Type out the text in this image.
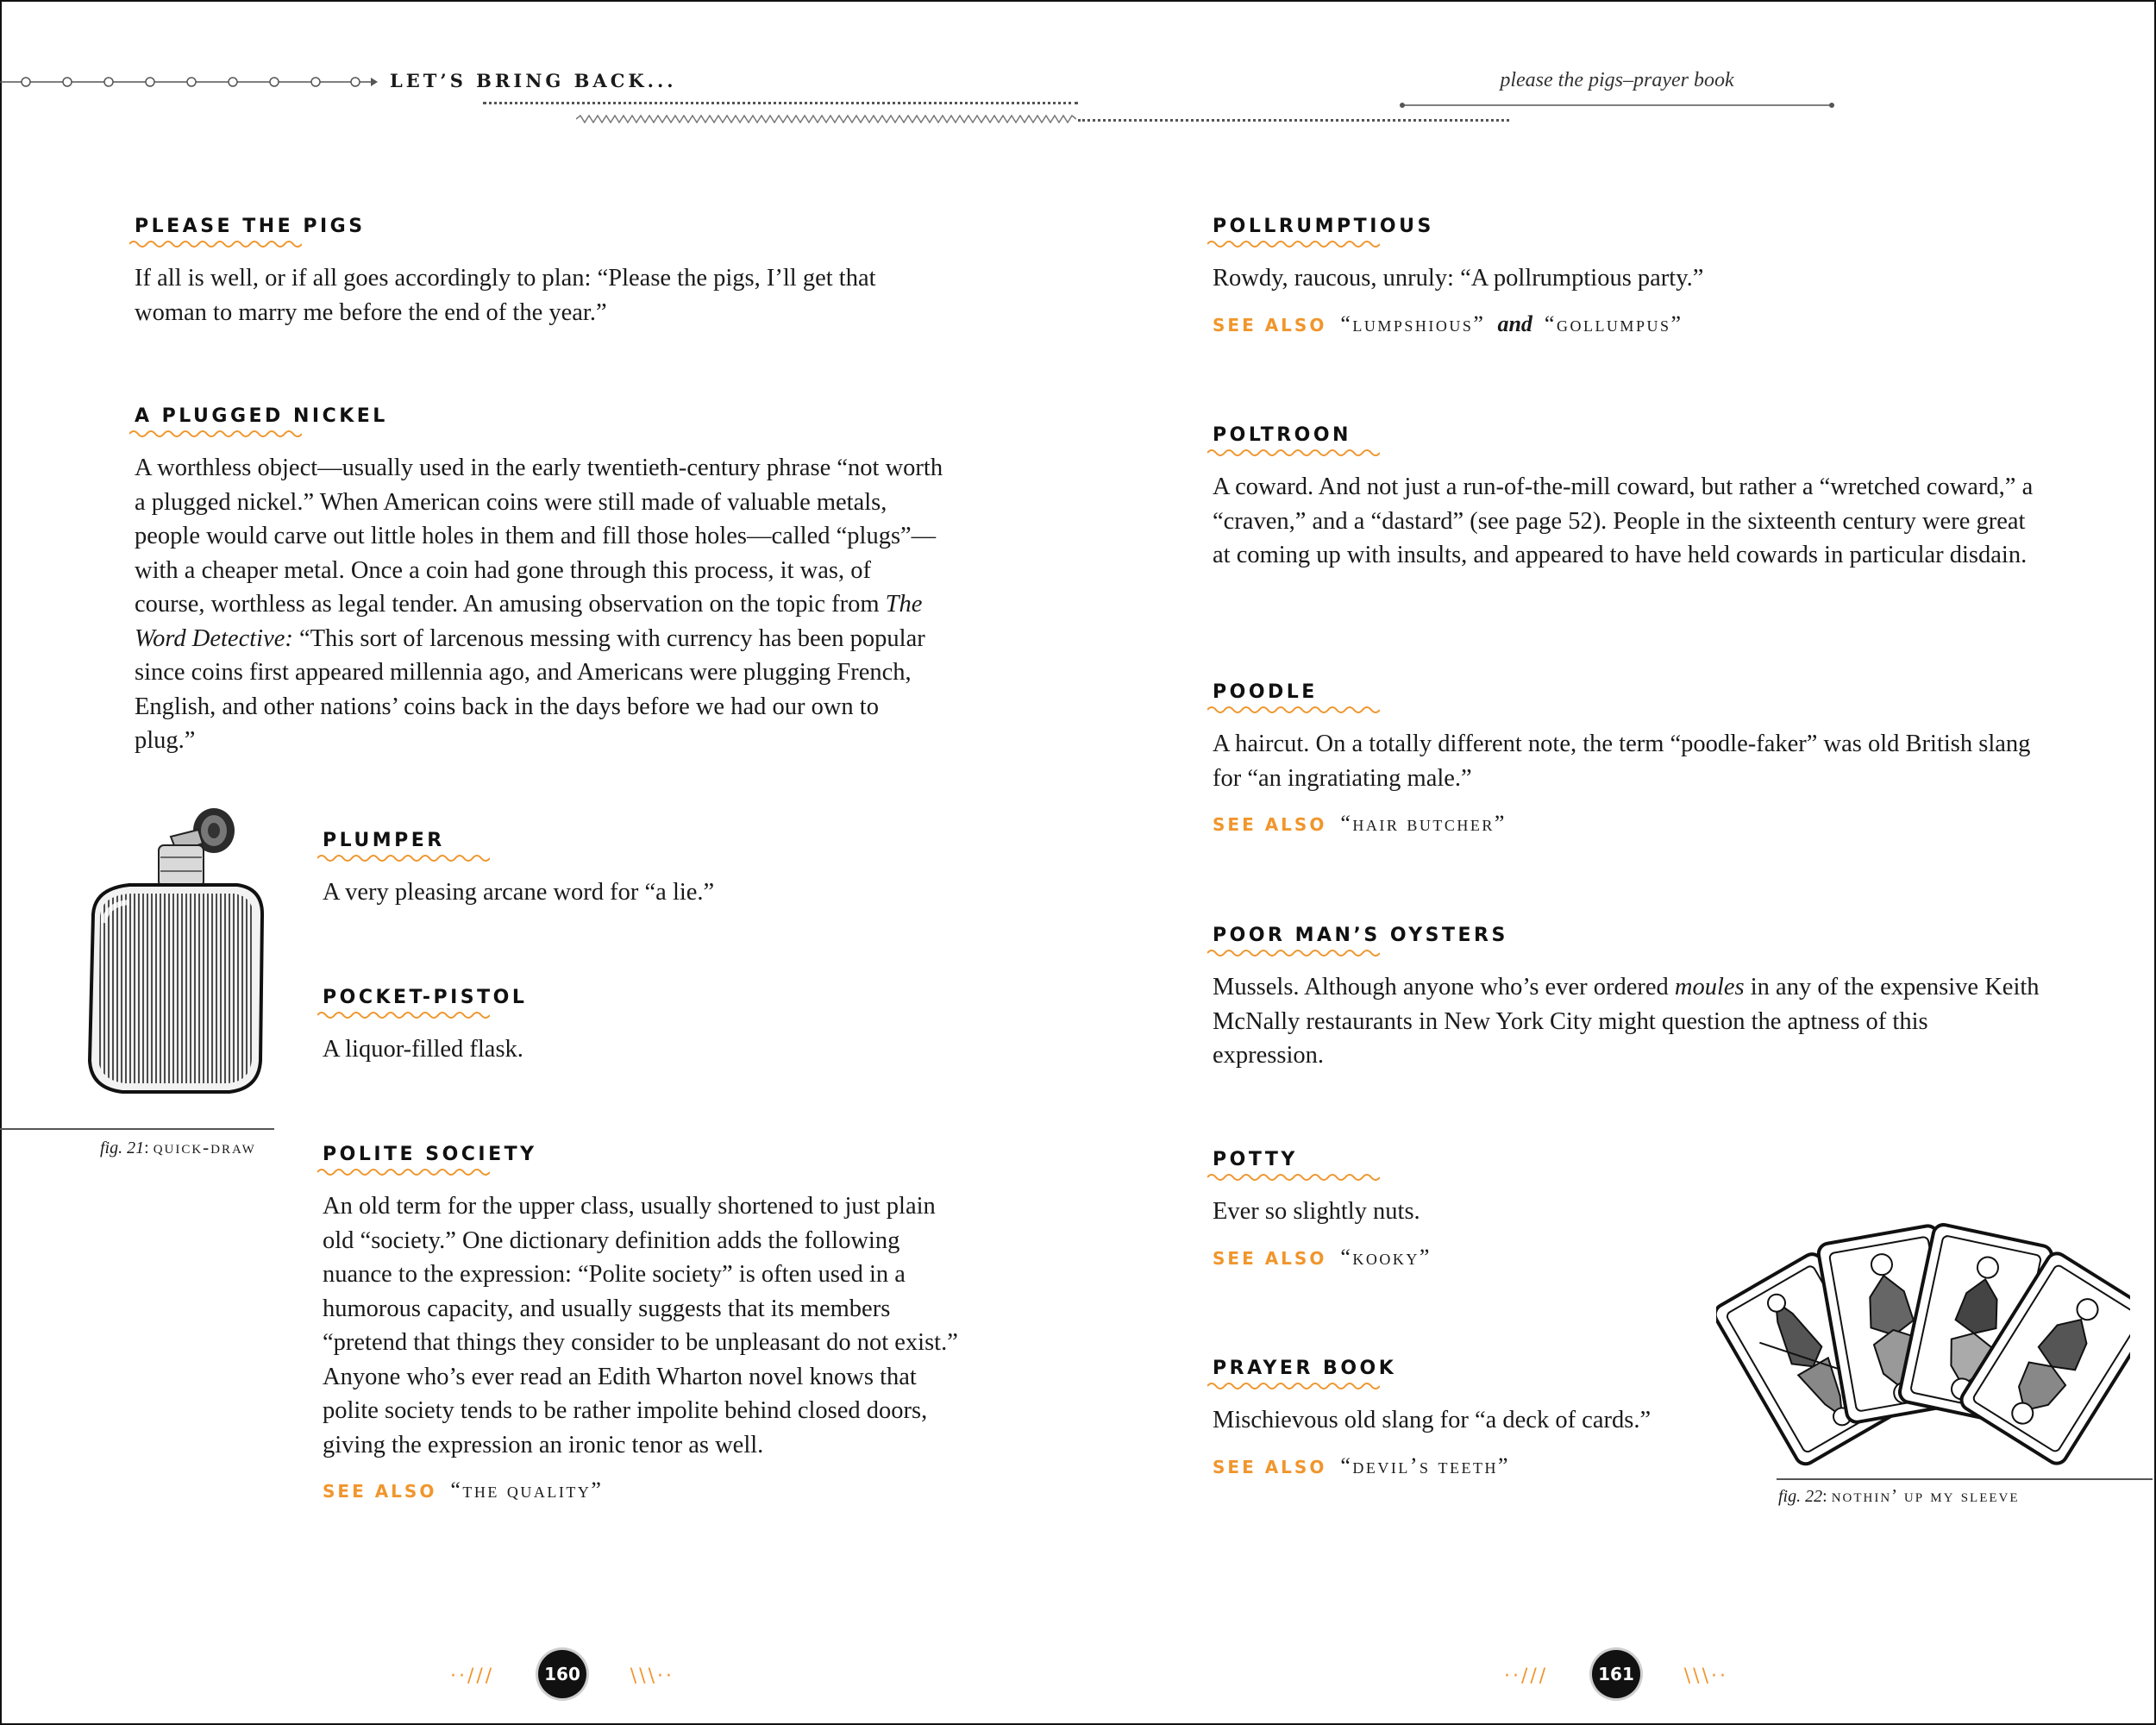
LET’S BRING BACK...	please the pigs–prayer book
PLEASE THE PIGS
If all is well, or if all goes accordingly to plan: “Please the pigs, I’ll get that woman to marry me before the end of the year.”
A PLUGGED NICKEL
A worthless object—usually used in the early twentieth-century phrase “not worth a plugged nickel.” When American coins were still made of valuable metals, people would carve out little holes in them and fill those holes—called “plugs”—with a cheaper metal. Once a coin had gone through this process, it was, of course, worthless as legal tender. An amusing observation on the topic from The Word Detective: “This sort of larcenous messing with currency has been popular since coins first appeared millennia ago, and Americans were plugging French, English, and other nations’ coins back in the days before we had our own to plug.”
fig. 21: quick-draw
PLUMPER
A very pleasing arcane word for “a lie.”
POCKET-PISTOL
A liquor-filled flask.
POLITE SOCIETY
An old term for the upper class, usually shortened to just plain old “society.” One dictionary definition adds the following nuance to the expression: “Polite society” is often used in a humorous capacity, and usually suggests that its members “pretend that things they consider to be unpleasant do not exist.” Anyone who’s ever read an Edith Wharton novel knows that polite society tends to be rather impolite behind closed doors, giving the expression an ironic tenor as well.
SEE ALSO “the quality”
··///	160	\\\··
POLLRUMPTIOUS
Rowdy, raucous, unruly: “A pollrumptious party.”
SEE ALSO “lumpshious” and “gollumpus”
POLTROON
A coward. And not just a run-of-the-mill coward, but rather a “wretched coward,” a “craven,” and a “dastard” (see page 52). People in the sixteenth century were great at coming up with insults, and appeared to have held cowards in particular disdain.
POODLE
A haircut. On a totally different note, the term “poodle-faker” was old British slang for “an ingratiating male.”
SEE ALSO “hair butcher”
POOR MAN’S OYSTERS
Mussels. Although anyone who’s ever ordered moules in any of the expensive Keith McNally restaurants in New York City might question the aptness of this expression.
POTTY
Ever so slightly nuts.
SEE ALSO “kooky”
PRAYER BOOK
Mischievous old slang for “a deck of cards.”
SEE ALSO “devil’s teeth”
fig. 22: nothin’ up my sleeve
··///	161	\\\··
